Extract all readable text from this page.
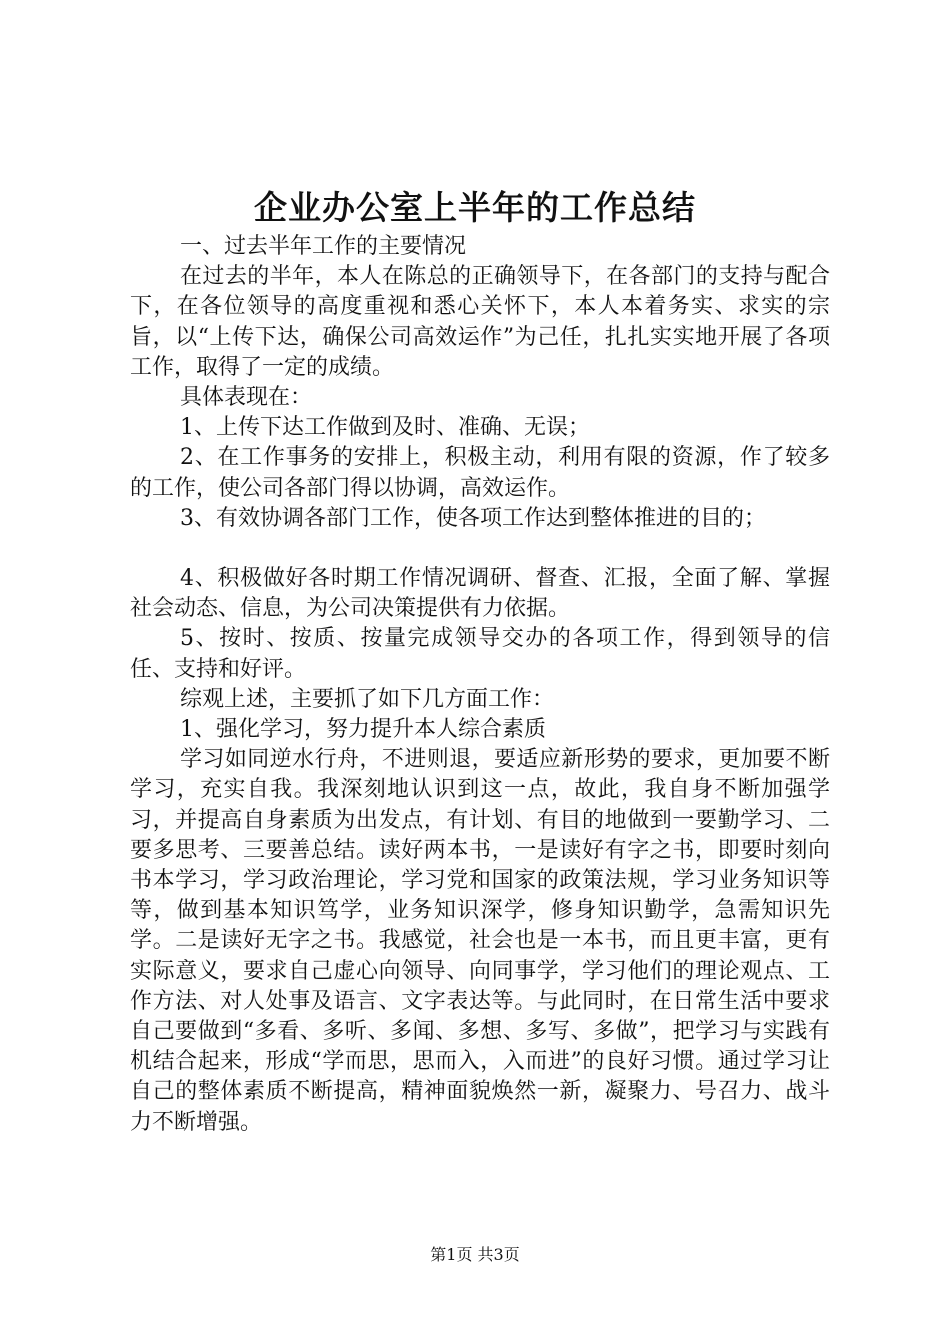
企业办公室上半年的工作总结

一、过去半年工作的主要情况

在过去的半年，本人在陈总的正确领导下，在各部门的支持与配合下，在各位领导的高度重视和悉心关怀下，本人本着务实、求实的宗旨，以“上传下达，确保公司高效运作”为己任，扎扎实实地开展了各项工作，取得了一定的成绩。

具体表现在：

1、上传下达工作做到及时、准确、无误；

2、在工作事务的安排上，积极主动，利用有限的资源，作了较多的工作，使公司各部门得以协调，高效运作。

3、有效协调各部门工作，使各项工作达到整体推进的目的；

4、积极做好各时期工作情况调研、督查、汇报，全面了解、掌握社会动态、信息，为公司决策提供有力依据。

5、按时、按质、按量完成领导交办的各项工作，得到领导的信任、支持和好评。

综观上述，主要抓了如下几方面工作：

1、强化学习，努力提升本人综合素质

学习如同逆水行舟，不进则退，要适应新形势的要求，更加要不断学习，充实自我。我深刻地认识到这一点，故此，我自身不断加强学习，并提高自身素质为出发点，有计划、有目的地做到一要勤学习、二要多思考、三要善总结。读好两本书，一是读好有字之书，即要时刻向书本学习，学习政治理论，学习党和国家的政策法规，学习业务知识等等，做到基本知识笃学，业务知识深学，修身知识勤学，急需知识先学。二是读好无字之书。我感觉，社会也是一本书，而且更丰富，更有实际意义，要求自己虚心向领导、向同事学，学习他们的理论观点、工作方法、对人处事及语言、文字表达等。与此同时，在日常生活中要求自己要做到“多看、多听、多闻、多想、多写、多做”，把学习与实践有机结合起来，形成“学而思，思而入，入而进”的良好习惯。通过学习让自己的整体素质不断提高，精神面貌焕然一新，凝聚力、号召力、战斗力不断增强。

第1页 共3页
